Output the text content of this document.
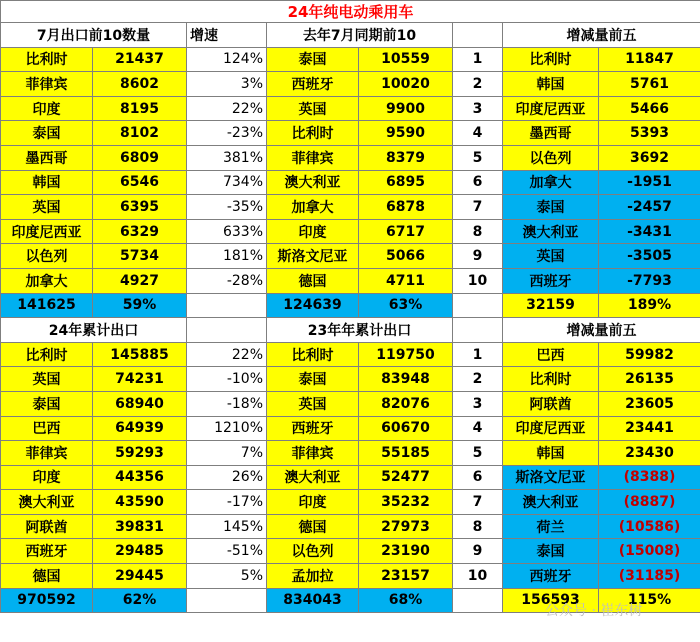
24年纯电动乘用车							
7月出口前10数量		增速	去年7月同期前10			增减量前五	
比利时	21437	124%	泰国	10559	1	比利时	11847
菲律宾	8602	3%	西班牙	10020	2	韩国	5761
印度	8195	22%	英国	9900	3	印度尼西亚	5466
泰国	8102	-23%	比利时	9590	4	墨西哥	5393
墨西哥	6809	381%	菲律宾	8379	5	以色列	3692
韩国	6546	734%	澳大利亚	6895	6	加拿大	-1951
英国	6395	-35%	加拿大	6878	7	泰国	-2457
印度尼西亚	6329	633%	印度	6717	8	澳大利亚	-3431
以色列	5734	181%	斯洛文尼亚	5066	9	英国	-3505
加拿大	4927	-28%	德国	4711	10	西班牙	-7793
141625	59%		124639	63%		32159	189%
24年累计出口			23年年累计出口			增减量前五	
比利时	145885	22%	比利时	119750	1	巴西	59982
英国	74231	-10%	泰国	83948	2	比利时	26135
泰国	68940	-18%	英国	82076	3	阿联酋	23605
巴西	64939	1210%	西班牙	60670	4	印度尼西亚	23441
菲律宾	59293	7%	菲律宾	55185	5	韩国	23430
印度	44356	26%	澳大利亚	52477	6	斯洛文尼亚	(8388)
澳大利亚	43590	-17%	印度	35232	7	澳大利亚	(8887)
阿联酋	39831	145%	德国	27973	8	荷兰	(10586)
西班牙	29485	-51%	以色列	23190	9	泰国	(15008)
德国	29445	5%	孟加拉	23157	10	西班牙	(31185)
970592	62%		834043	68%		156593	115%
公众号 · 崔东树
